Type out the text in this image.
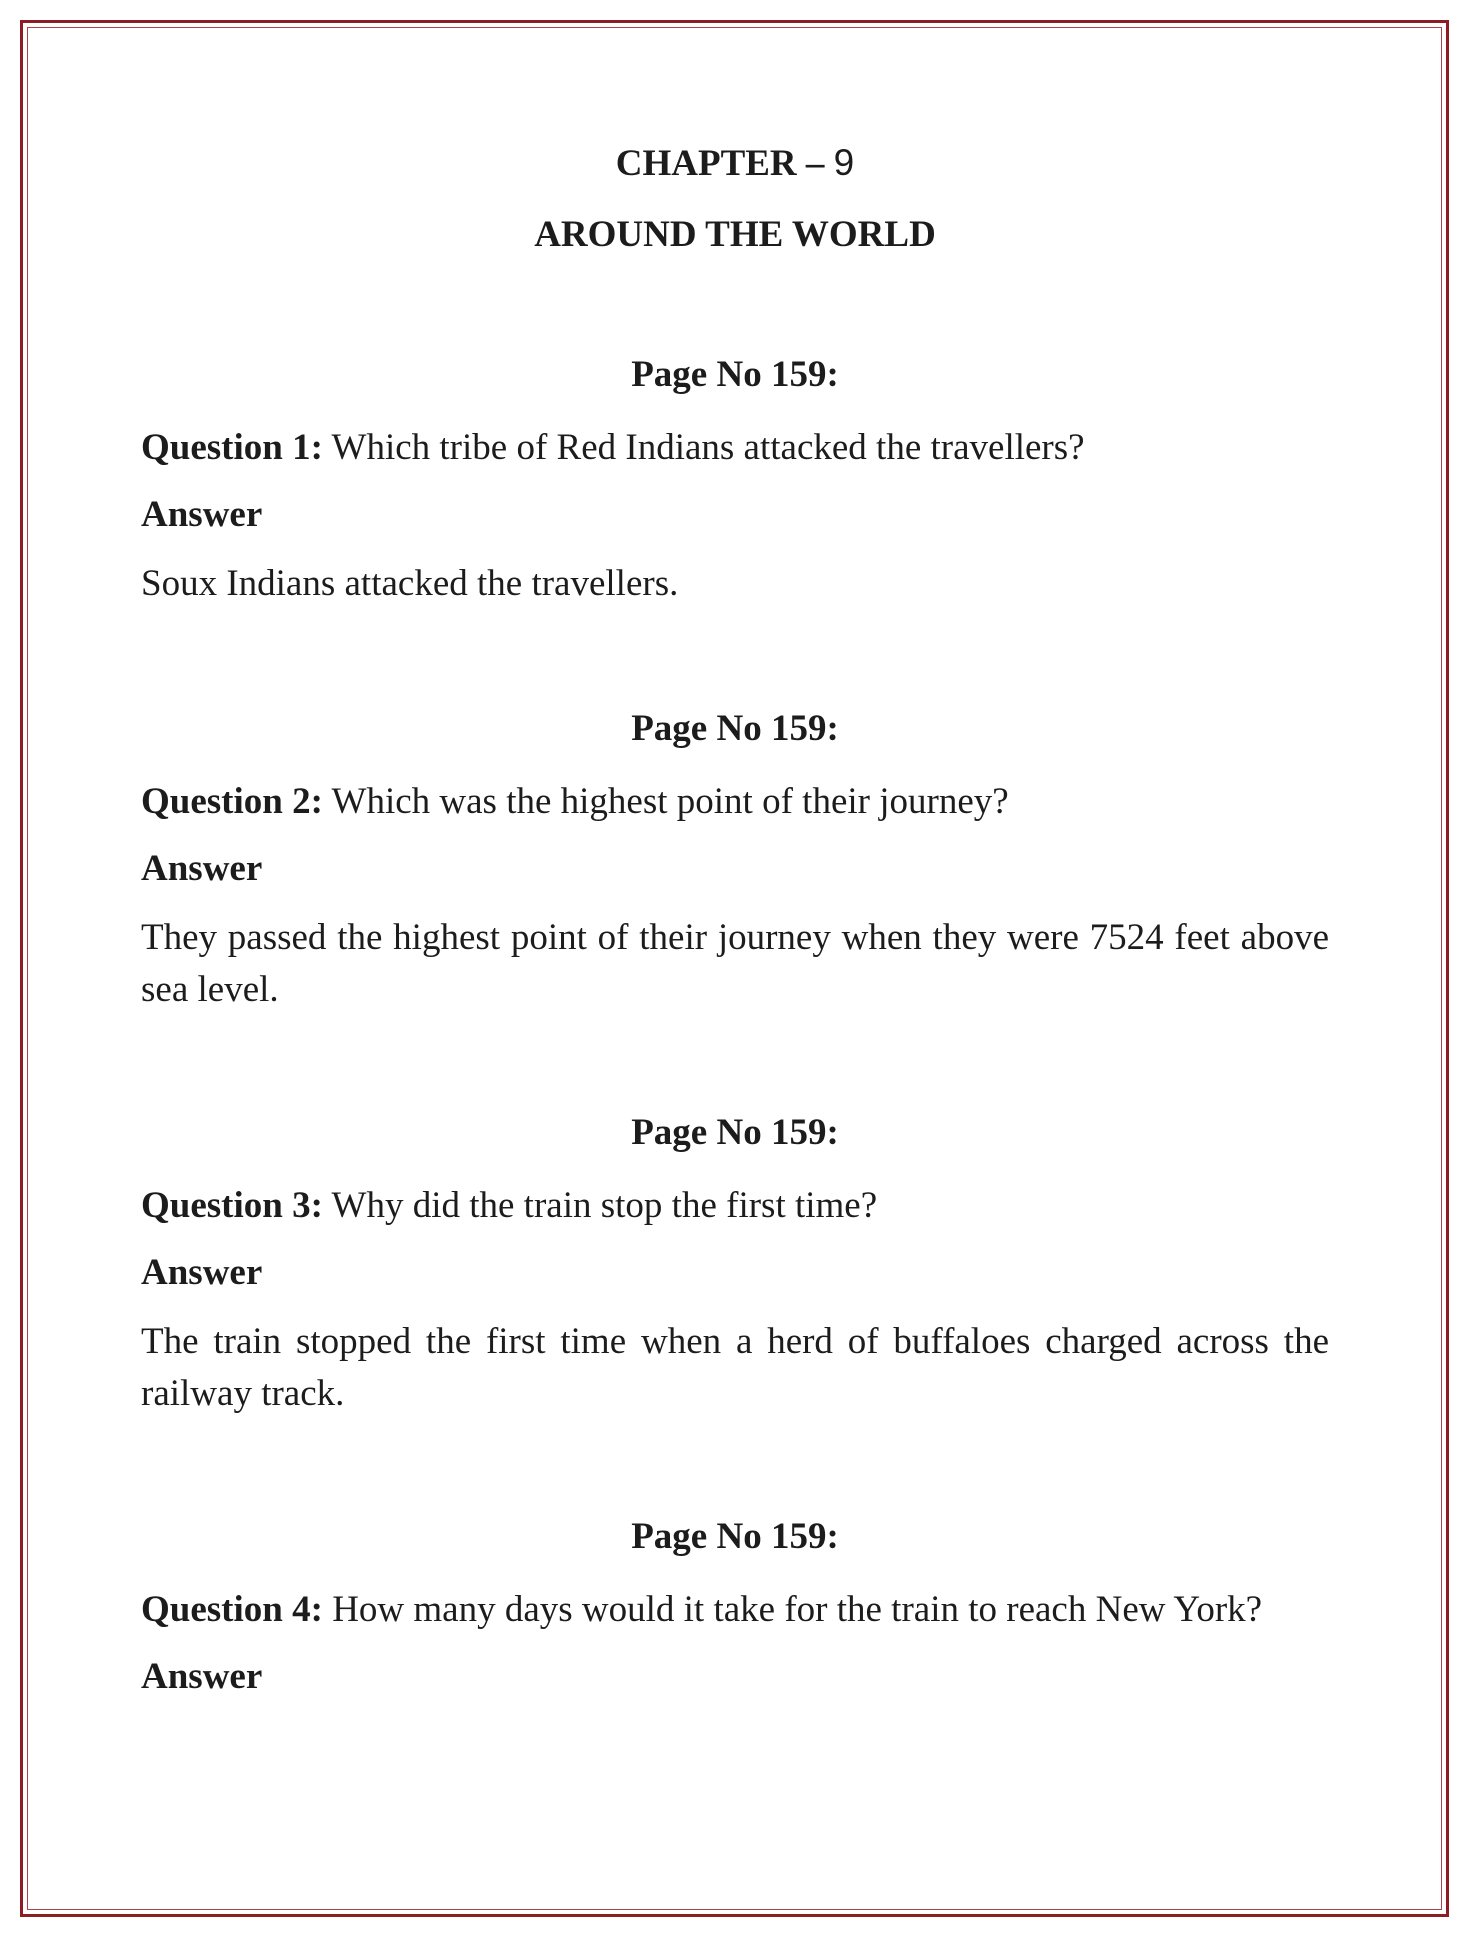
CHAPTER – 9
AROUND THE WORLD
Page No 159:

Question 1: Which tribe of Red Indians attacked the travellers?

Answer
Soux Indians attacked the travellers.
Page No 159:

Question 2: Which was the highest point of their journey?

Answer
They passed the highest point of their journey when they were 7524 feet above sea level.
Page No 159:

Question 3: Why did the train stop the first time?

Answer
The train stopped the first time when a herd of buffaloes charged across the railway track.
Page No 159:

Question 4: How many days would it take for the train to reach New York?

Answer
